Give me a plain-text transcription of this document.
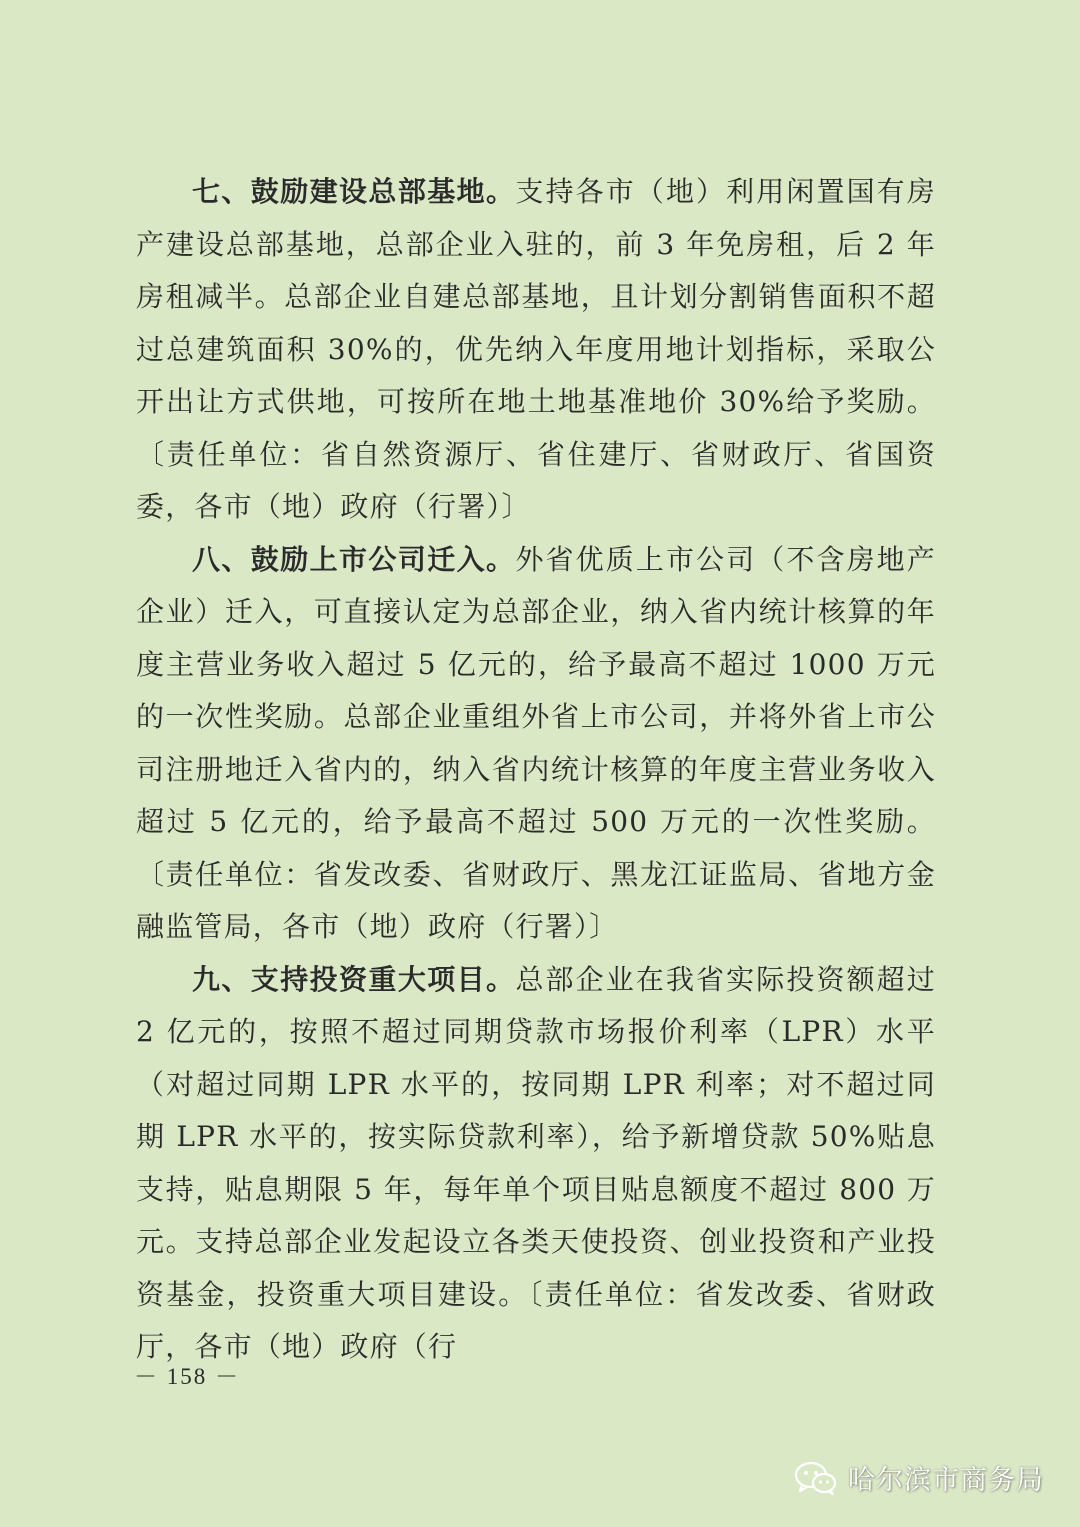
七、鼓励建设总部基地。支持各市（地）利用闲置国有房产建设总部基地，总部企业入驻的，前 3 年免房租，后 2 年房租减半。总部企业自建总部基地，且计划分割销售面积不超过总建筑面积 30%的，优先纳入年度用地计划指标，采取公开出让方式供地，可按所在地土地基准地价 30%给予奖励。〔责任单位：省自然资源厅、省住建厅、省财政厅、省国资委，各市（地）政府（行署）〕

八、鼓励上市公司迁入。外省优质上市公司（不含房地产企业）迁入，可直接认定为总部企业，纳入省内统计核算的年度主营业务收入超过 5 亿元的，给予最高不超过 1000 万元的一次性奖励。总部企业重组外省上市公司，并将外省上市公司注册地迁入省内的，纳入省内统计核算的年度主营业务收入超过 5 亿元的，给予最高不超过 500 万元的一次性奖励。〔责任单位：省发改委、省财政厅、黑龙江证监局、省地方金融监管局，各市（地）政府（行署）〕

九、支持投资重大项目。总部企业在我省实际投资额超过 2 亿元的，按照不超过同期贷款市场报价利率（LPR）水平（对超过同期 LPR 水平的，按同期 LPR 利率；对不超过同期 LPR 水平的，按实际贷款利率），给予新增贷款 50%贴息支持，贴息期限 5 年，每年单个项目贴息额度不超过 800 万元。支持总部企业发起设立各类天使投资、创业投资和产业投资基金，投资重大项目建设。〔责任单位：省发改委、省财政厅，各市（地）政府（行

－ 158 －
哈尔滨市商务局
